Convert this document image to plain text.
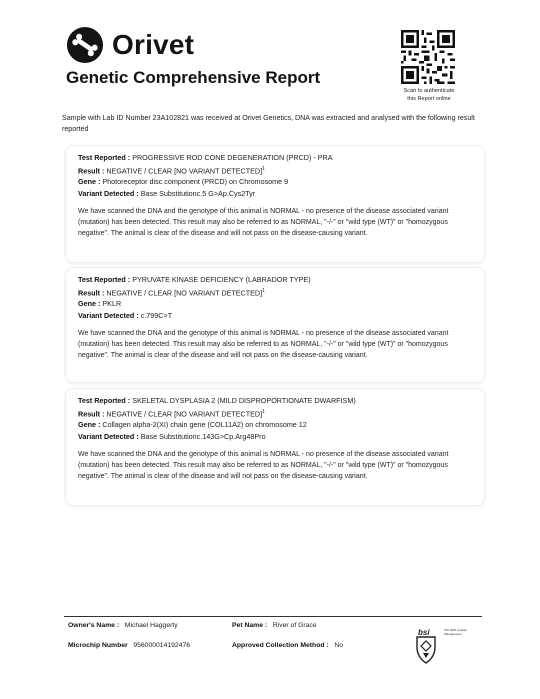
Orivet
Genetic Comprehensive Report
Scan to authenticate
this Report online
Sample with Lab ID Number 23A102821 was received at Orivet Genetics, DNA was extracted and analysed with the following result reported
Test Reported : PROGRESSIVE ROD CONE DEGENERATION (PRCD) - PRA
Result : NEGATIVE / CLEAR [NO VARIANT DETECTED]$^1$
Gene : Photoreceptor disc component (PRCD) on Chromosome 9
Variant Detected : Base Substitutionc.5 G>Ap.Cys2Tyr
We have scanned the DNA and the genotype of this animal is NORMAL - no presence of the disease associated variant (mutation) has been detected. This result may also be referred to as NORMAL, "-/-" or "wild type (WT)" or "homozygous negative". The animal is clear of the disease and will not pass on the disease-causing variant.
Test Reported : PYRUVATE KINASE DEFICIENCY (LABRADOR TYPE)
Result : NEGATIVE / CLEAR [NO VARIANT DETECTED]$^1$
Gene : PKLR
Variant Detected : c.799C>T
We have scanned the DNA and the genotype of this animal is NORMAL - no presence of the disease associated variant (mutation) has been detected. This result may also be referred to as NORMAL, "-/-" or "wild type (WT)" or "homozygous negative". The animal is clear of the disease and will not pass on the disease-causing variant.
Test Reported : SKELETAL DYSPLASIA 2 (MILD DISPROPORTIONATE DWARFISM)
Result : NEGATIVE / CLEAR [NO VARIANT DETECTED]$^1$
Gene : Collagen alpha-2(XI) chain gene (COL11A2) on chromosome 12
Variant Detected : Base Substitutionc.143G>Cp.Arg48Pro
We have scanned the DNA and the genotype of this animal is NORMAL - no presence of the disease associated variant (mutation) has been detected. This result may also be referred to as NORMAL, "-/-" or "wild type (WT)" or "homozygous negative". The animal is clear of the disease and will not pass on the disease-causing variant.
Owner's Name : Michael Haggerty	Pet Name : River of Grace
Microchip Number 956000014192476	Approved Collection Method : No
bsi	ISO 9001 Quality Management
